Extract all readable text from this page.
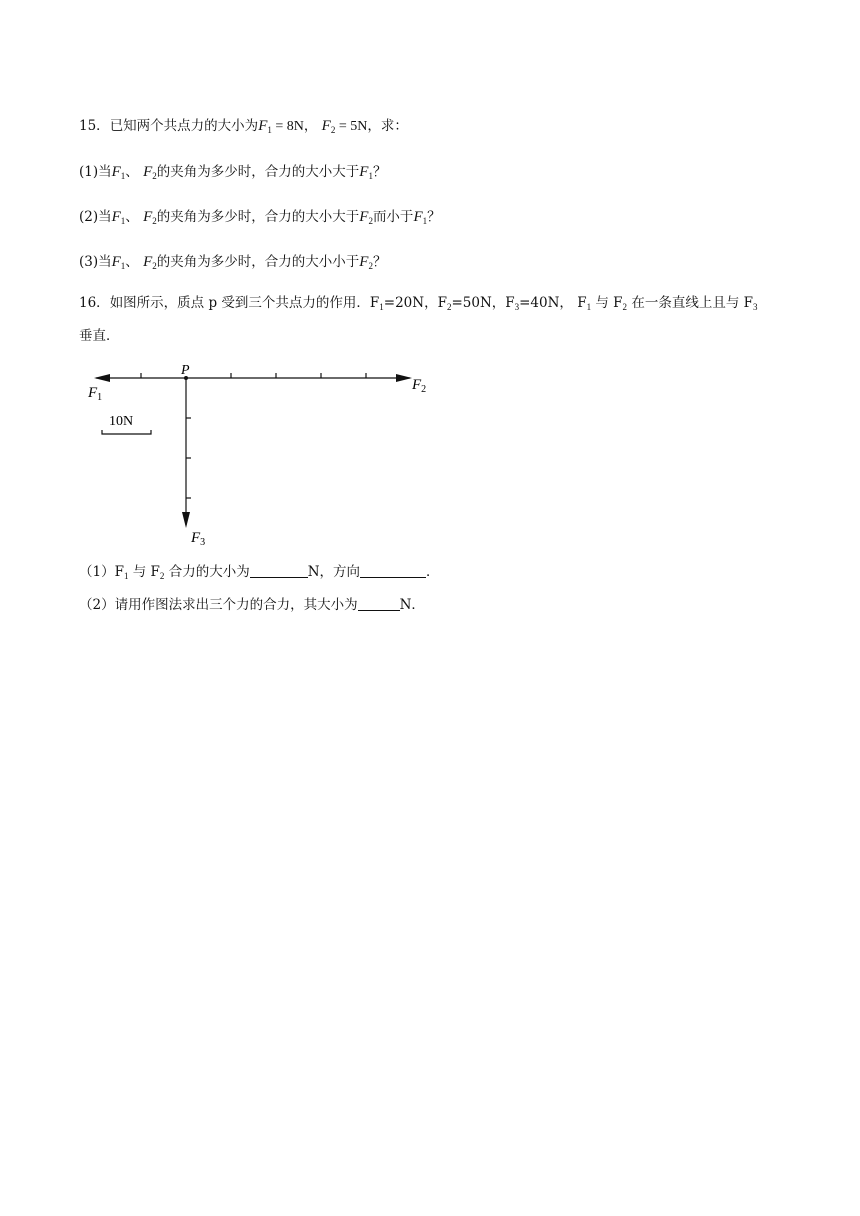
15．已知两个共点力的大小为$F_1 = 8N$， $F_2 = 5N$，求：
(1)当$F_1$、 $F_2$的夹角为多少时，合力的大小大于$F_1$？
(2)当$F_1$、 $F_2$的夹角为多少时，合力的大小大于$F_2$而小于$F_1$？
(3)当$F_1$、 $F_2$的夹角为多少时，合力的大小小于$F_2$？
16．如图所示，质点 p 受到三个共点力的作用．$F_1=20N$，$F_2=50N$，$F_3=40N$， $F_1$ 与 $F_2$ 在一条直线上且与 $F_3$
垂直．
P
$F_1$
$F_2$
$F_3$
10N
$(1)F_1$ 与 $F_2$ 合力的大小为	N，方向	．
（2）请用作图法求出三个力的合力，其大小为	N．
